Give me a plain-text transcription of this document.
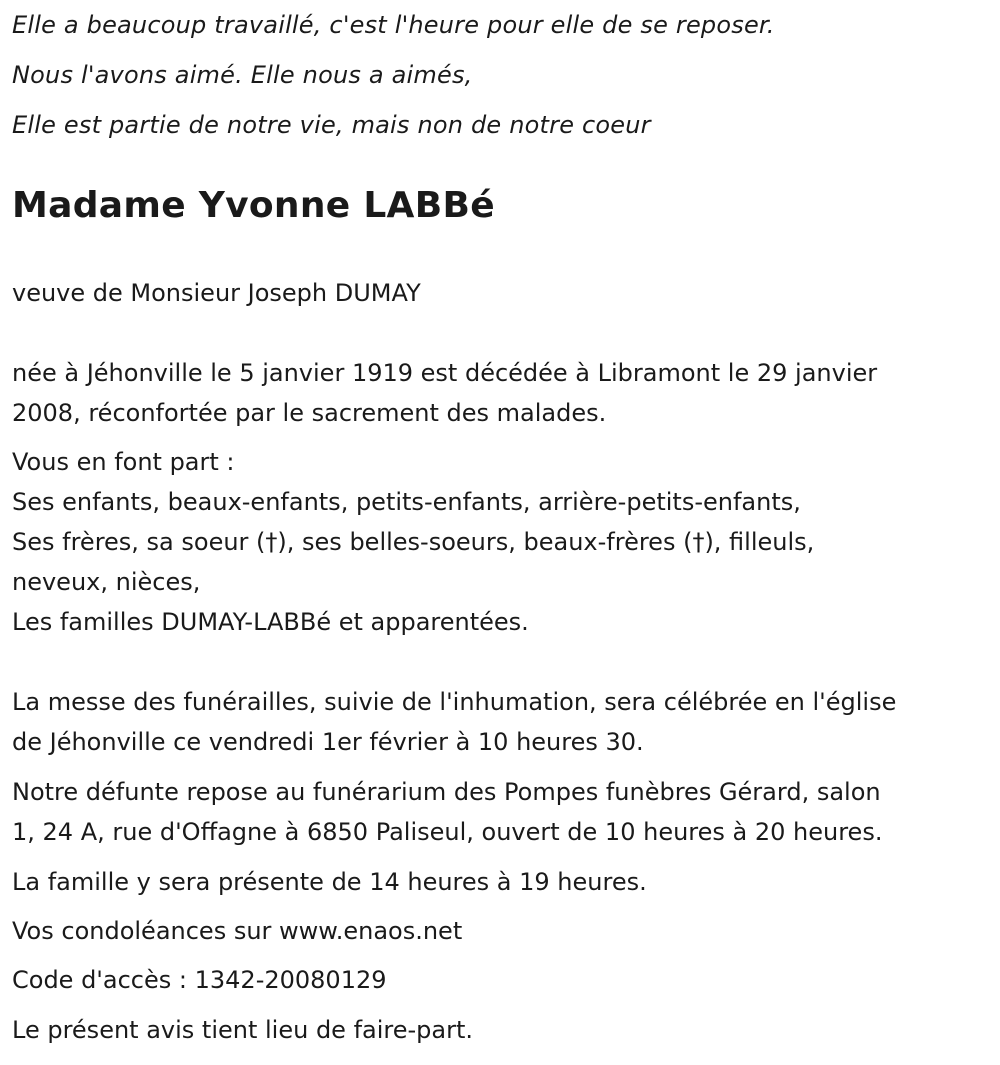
Elle a beaucoup travaillé, c'est l'heure pour elle de se reposer.

Nous l'avons aimé. Elle nous a aimés,

Elle est partie de notre vie, mais non de notre coeur

Madame Yvonne LABBé

veuve de Monsieur Joseph DUMAY

née à Jéhonville le 5 janvier 1919 est décédée à Libramont le 29 janvier
2008, réconfortée par le sacrement des malades.

Vous en font part :
Ses enfants, beaux-enfants, petits-enfants, arrière-petits-enfants,
Ses frères, sa soeur (†), ses belles-soeurs, beaux-frères (†), filleuls,
neveux, nièces,
Les familles DUMAY-LABBé et apparentées.

La messe des funérailles, suivie de l'inhumation, sera célébrée en l'église
de Jéhonville ce vendredi 1er février à 10 heures 30.

Notre défunte repose au funérarium des Pompes funèbres Gérard, salon
1, 24 A, rue d'Offagne à 6850 Paliseul, ouvert de 10 heures à 20 heures.

La famille y sera présente de 14 heures à 19 heures.

Vos condoléances sur www.enaos.net

Code d'accès : 1342-20080129

Le présent avis tient lieu de faire-part.
